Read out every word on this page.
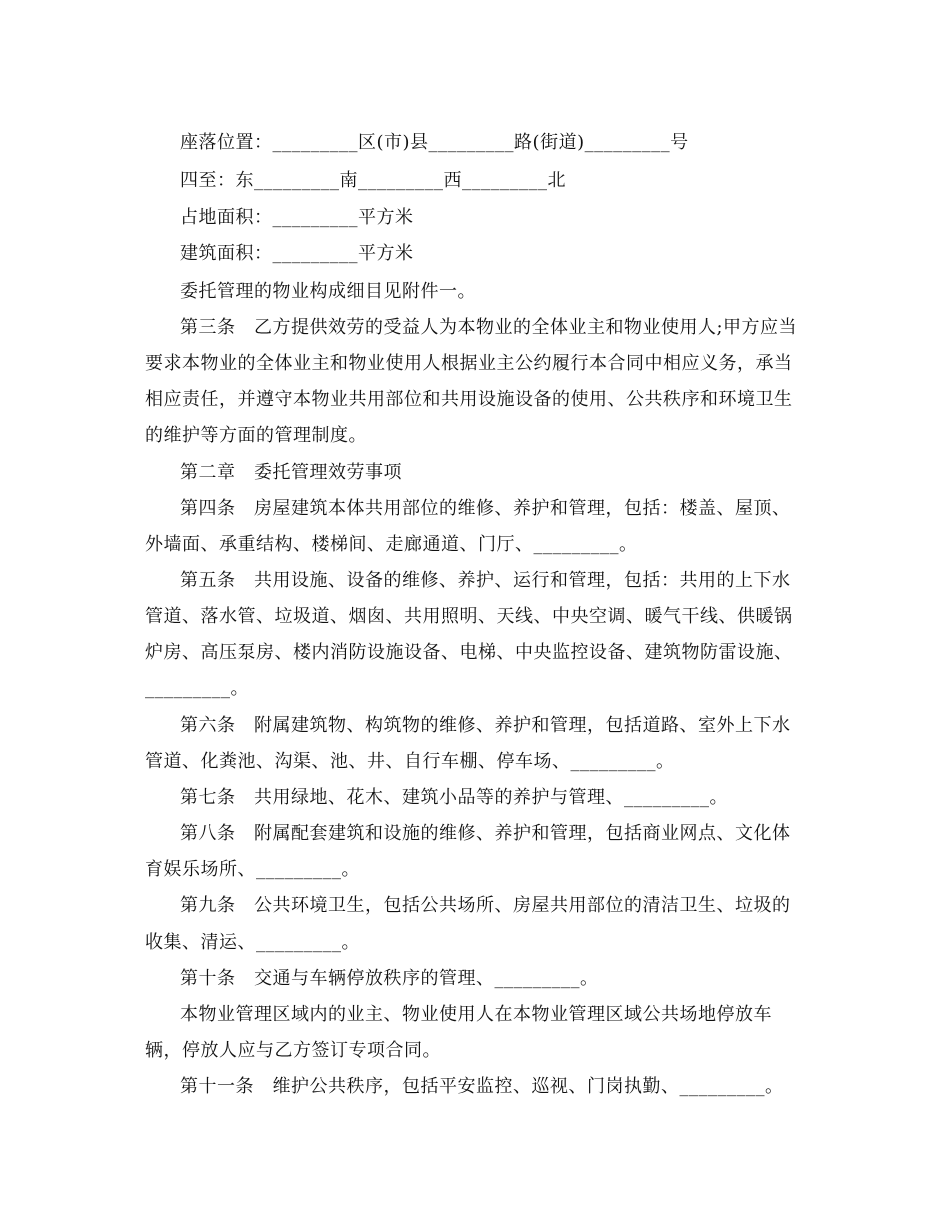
座落位置：_________区(市)县_________路(街道)_________号
四至：东_________南_________西_________北
占地面积：_________平方米
建筑面积：_________平方米
委托管理的物业构成细目见附件一。
第三条　乙方提供效劳的受益人为本物业的全体业主和物业使用人;甲方应当
要求本物业的全体业主和物业使用人根据业主公约履行本合同中相应义务，承当
相应责任，并遵守本物业共用部位和共用设施设备的使用、公共秩序和环境卫生
的维护等方面的管理制度。
第二章　委托管理效劳事项
第四条　房屋建筑本体共用部位的维修、养护和管理，包括：楼盖、屋顶、
外墙面、承重结构、楼梯间、走廊通道、门厅、_________。
第五条　共用设施、设备的维修、养护、运行和管理，包括：共用的上下水
管道、落水管、垃圾道、烟囱、共用照明、天线、中央空调、暖气干线、供暖锅
炉房、高压泵房、楼内消防设施设备、电梯、中央监控设备、建筑物防雷设施、
_________。
第六条　附属建筑物、构筑物的维修、养护和管理，包括道路、室外上下水
管道、化粪池、沟渠、池、井、自行车棚、停车场、_________。
第七条　共用绿地、花木、建筑小品等的养护与管理、_________。
第八条　附属配套建筑和设施的维修、养护和管理，包括商业网点、文化体
育娱乐场所、_________。
第九条　公共环境卫生，包括公共场所、房屋共用部位的清洁卫生、垃圾的
收集、清运、_________。
第十条　交通与车辆停放秩序的管理、_________。
本物业管理区域内的业主、物业使用人在本物业管理区域公共场地停放车
辆，停放人应与乙方签订专项合同。
第十一条　维护公共秩序，包括平安监控、巡视、门岗执勤、_________。
